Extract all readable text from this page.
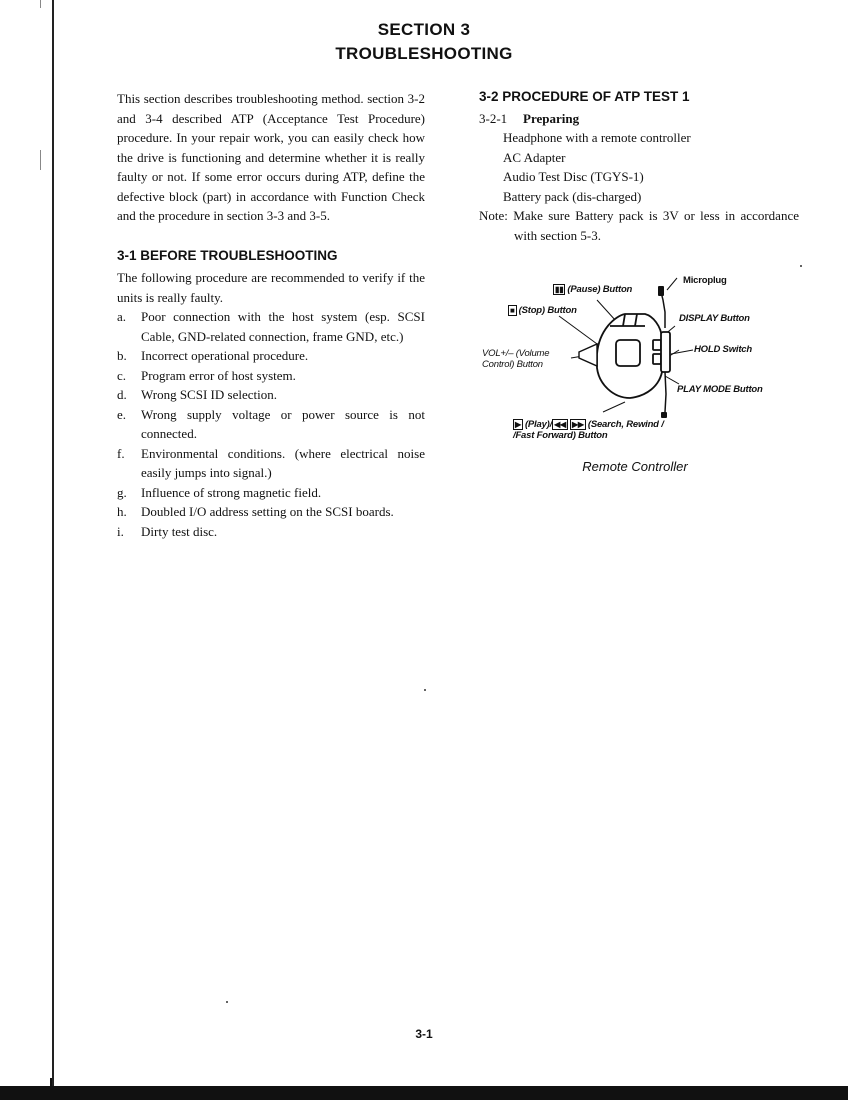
SECTION 3
TROUBLESHOOTING

This section describes troubleshooting method. section 3-2 and 3-4 described ATP (Acceptance Test Procedure) procedure. In your repair work, you can easily check how the drive is functioning and determine whether it is really faulty or not. If some error occurs during ATP, define the defective block (part) in accordance with Function Check and the procedure in section 3-3 and 3-5.

3-1 BEFORE TROUBLESHOOTING

The following procedure are recommended to verify if the units is really faulty.

a.	Poor connection with the host system (esp. SCSI Cable, GND-related connection, frame GND, etc.)
b.	Incorrect operational procedure.
c.	Program error of host system.
d.	Wrong SCSI ID selection.
e.	Wrong supply voltage or power source is not connected.
f.	Environmental conditions. (where electrical noise easily jumps into signal.)
g.	Influence of strong magnetic field.
h.	Doubled I/O address setting on the SCSI boards.
i.	Dirty test disc.
3-2 PROCEDURE OF ATP TEST 1

3-2-1 Preparing

Headphone with a remote controller

AC Adapter

Audio Test Disc (TGYS-1)

Battery pack (dis-charged)

Note: Make sure Battery pack is 3V or less in accordance with section 5-3.

▮▮ (Pause) Button
■ (Stop) Button
Microplug
DISPLAY Button
VOL+/– (Volume
Control) Button
HOLD Switch
PLAY MODE Button
▶ (Play)/ ◀◀ ▶▶ (Search, Rewind /
/Fast Forward) Button
Remote Controller
3-1
